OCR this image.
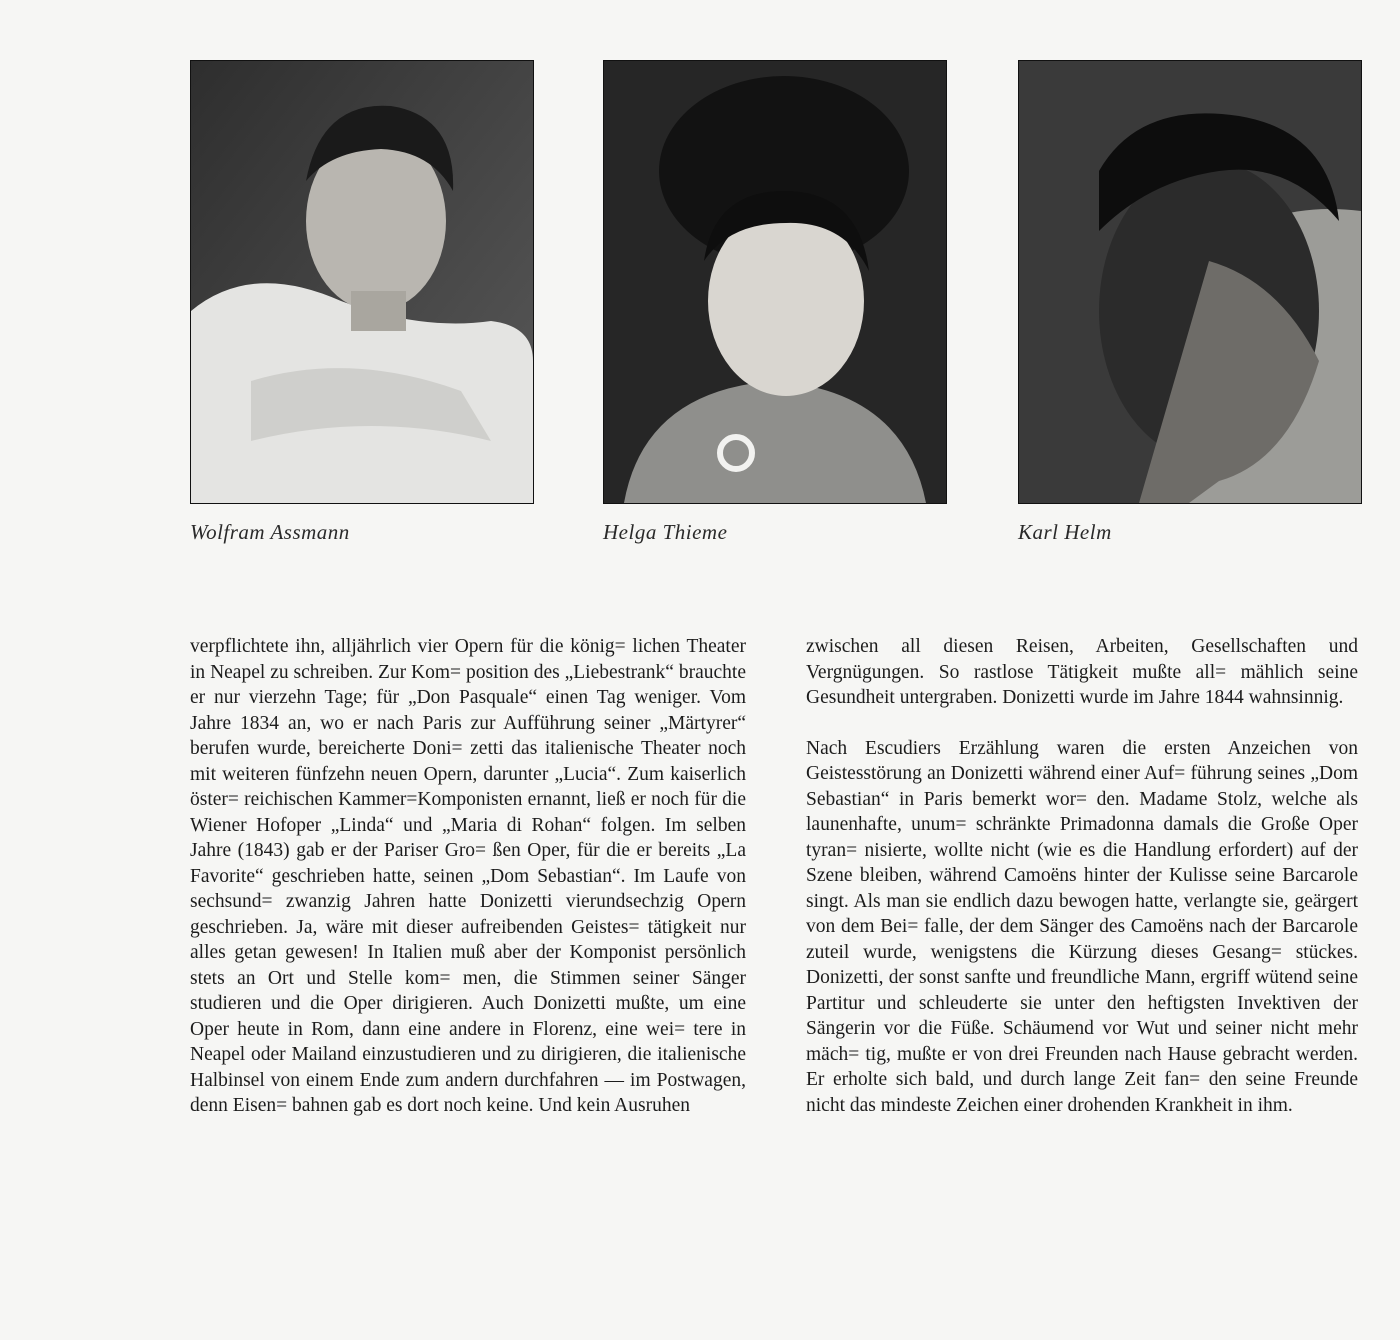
Wolfram Assmann	Helga Thieme	Karl Helm

verpflichtete ihn, alljährlich vier Opern für die könig= lichen Theater in Neapel zu schreiben. Zur Kom= position des „Liebestrank“ brauchte er nur vierzehn Tage; für „Don Pasquale“ einen Tag weniger. Vom Jahre 1834 an, wo er nach Paris zur Aufführung seiner „Märtyrer“ berufen wurde, bereicherte Doni= zetti das italienische Theater noch mit weiteren fünfzehn neuen Opern, darunter „Lucia“. Zum kaiserlich öster= reichischen Kammer=Komponisten ernannt, ließ er noch für die Wiener Hofoper „Linda“ und „Maria di Rohan“ folgen. Im selben Jahre (1843) gab er der Pariser Gro= ßen Oper, für die er bereits „La Favorite“ geschrieben hatte, seinen „Dom Sebastian“. Im Laufe von sechsund= zwanzig Jahren hatte Donizetti vierundsechzig Opern geschrieben. Ja, wäre mit dieser aufreibenden Geistes= tätigkeit nur alles getan gewesen! In Italien muß aber der Komponist persönlich stets an Ort und Stelle kom= men, die Stimmen seiner Sänger studieren und die Oper dirigieren. Auch Donizetti mußte, um eine Oper heute in Rom, dann eine andere in Florenz, eine wei= tere in Neapel oder Mailand einzustudieren und zu dirigieren, die italienische Halbinsel von einem Ende zum andern durchfahren — im Postwagen, denn Eisen= bahnen gab es dort noch keine. Und kein Ausruhen

zwischen all diesen Reisen, Arbeiten, Gesellschaften und Vergnügungen. So rastlose Tätigkeit mußte all= mählich seine Gesundheit untergraben. Donizetti wurde im Jahre 1844 wahnsinnig.

Nach Escudiers Erzählung waren die ersten Anzeichen von Geistesstörung an Donizetti während einer Auf= führung seines „Dom Sebastian“ in Paris bemerkt wor= den. Madame Stolz, welche als launenhafte, unum= schränkte Primadonna damals die Große Oper tyran= nisierte, wollte nicht (wie es die Handlung erfordert) auf der Szene bleiben, während Camoëns hinter der Kulisse seine Barcarole singt. Als man sie endlich dazu bewogen hatte, verlangte sie, geärgert von dem Bei= falle, der dem Sänger des Camoëns nach der Barcarole zuteil wurde, wenigstens die Kürzung dieses Gesang= stückes. Donizetti, der sonst sanfte und freundliche Mann, ergriff wütend seine Partitur und schleuderte sie unter den heftigsten Invektiven der Sängerin vor die Füße. Schäumend vor Wut und seiner nicht mehr mäch= tig, mußte er von drei Freunden nach Hause gebracht werden. Er erholte sich bald, und durch lange Zeit fan= den seine Freunde nicht das mindeste Zeichen einer drohenden Krankheit in ihm.
